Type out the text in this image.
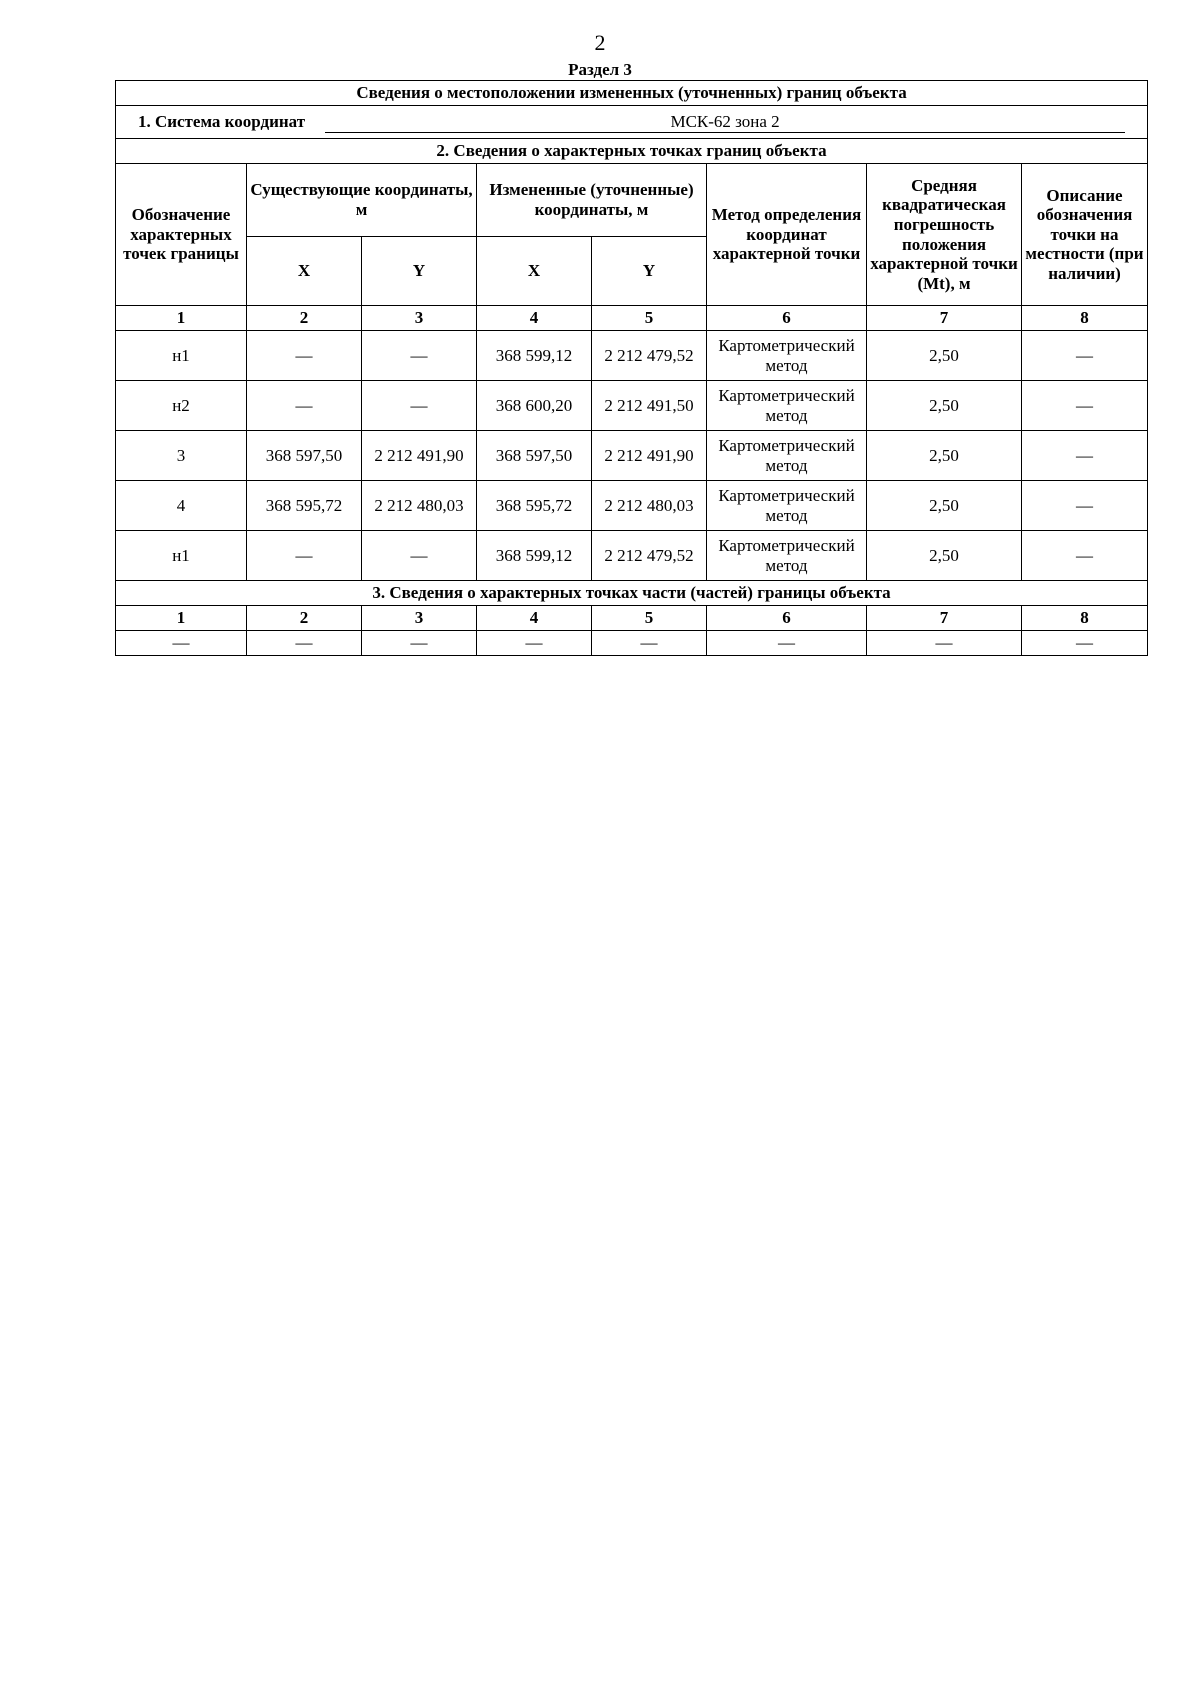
2
Раздел 3
Сведения о местоположении измененных (уточненных) границ объекта							
1. Система координат МСК-62 зона 2							
2. Сведения о характерных точках границ объекта							
Обозначение характерных точек границы	Существующие координаты, м		Измененные (уточненные) координаты, м		Метод определения координат характерной точки	Средняя квадратическая погрешность положения характерной точки (Mt), м	Описание обозначения точки на местности (при наличии)
	X	Y	X	Y			
1	2	3	4	5	6	7	8
н1	—	—	368 599,12	2 212 479,52	Картометрический метод	2,50	—
н2	—	—	368 600,20	2 212 491,50	Картометрический метод	2,50	—
3	368 597,50	2 212 491,90	368 597,50	2 212 491,90	Картометрический метод	2,50	—
4	368 595,72	2 212 480,03	368 595,72	2 212 480,03	Картометрический метод	2,50	—
н1	—	—	368 599,12	2 212 479,52	Картометрический метод	2,50	—
3. Сведения о характерных точках части (частей) границы объекта							
1	2	3	4	5	6	7	8
—	—	—	—	—	—	—	—
